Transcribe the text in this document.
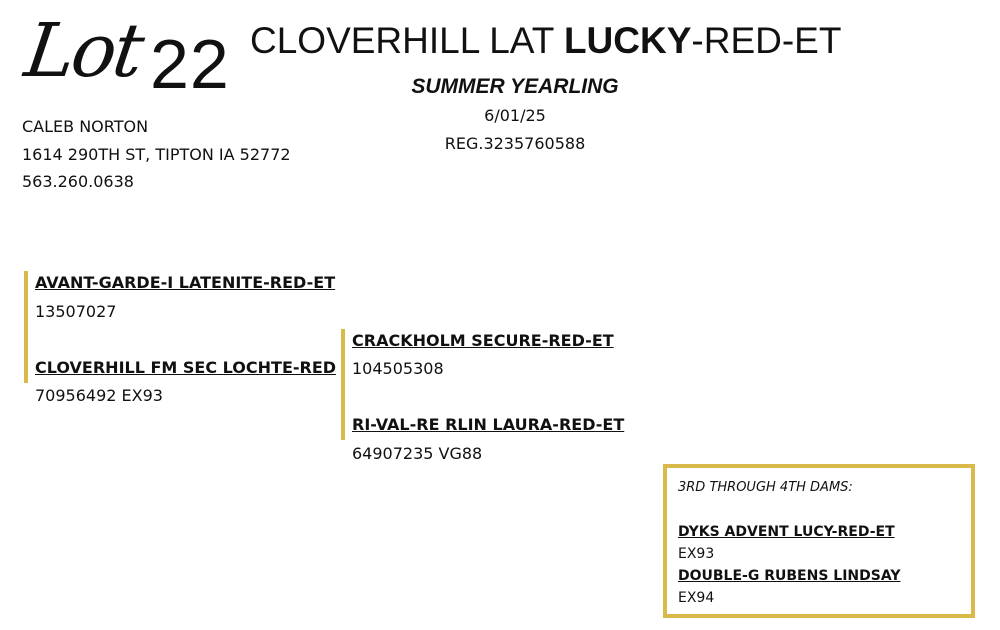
Lot 22 CLOVERHILL LAT LUCKY-RED-ET
SUMMER YEARLING
6/01/25
REG.3235760588
CALEB NORTON
1614 290TH ST, TIPTON IA 52772
563.260.0638
AVANT-GARDE-I LATENITE-RED-ET
13507027
CLOVERHILL FM SEC LOCHTE-RED
70956492 EX93
CRACKHOLM SECURE-RED-ET
104505308
RI-VAL-RE RLIN LAURA-RED-ET
64907235 VG88
3RD THROUGH 4TH DAMS:
DYKS ADVENT LUCY-RED-ET
EX93
DOUBLE-G RUBENS LINDSAY
EX94
